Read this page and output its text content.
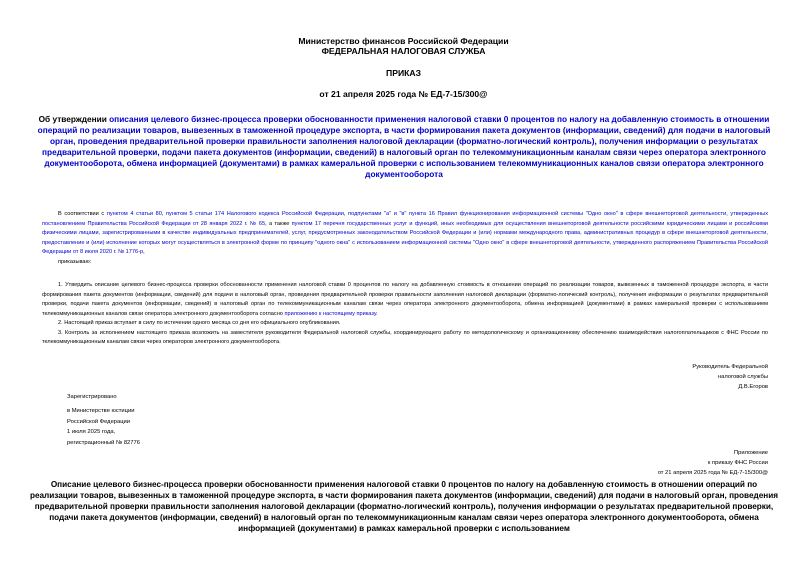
Министерство финансов Российской Федерации
ФЕДЕРАЛЬНАЯ НАЛОГОВАЯ СЛУЖБА
ПРИКАЗ
от 21 апреля 2025 года № ЕД-7-15/300@
Об утверждении описания целевого бизнес-процесса проверки обоснованности применения налоговой ставки 0 процентов по налогу на добавленную стоимость в отношении операций по реализации товаров, вывезенных в таможенной процедуре экспорта, в части формирования пакета документов (информации, сведений) для подачи в налоговый орган, проведения предварительной проверки правильности заполнения налоговой декларации (форматно-логический контроль), получения информации о результатах предварительной проверки, подачи пакета документов (информации, сведений) в налоговый орган по телекоммуникационным каналам связи через оператора электронного документооборота, обмена информацией (документами) в рамках камеральной проверки с использованием телекоммуникационных каналов связи оператора электронного документооборота

В соответствии с пунктом 4 статьи 80, пунктом 5 статьи 174 Налогового кодекса Российской Федерации, подпунктами "а" и "в" пункта 16 Правил функционирования информационной системы "Одно окно" в сфере внешнеторговой деятельности, утвержденных постановлением Правительства Российской Федерации от 28 января 2022 г. № 65, а также пунктом 17 перечня государственных услуг и функций, иных необходимых для осуществления внешнеторговой деятельности российскими юридическими лицами и российскими физическими лицами, зарегистрированными в качестве индивидуальных предпринимателей, услуг, предусмотренных законодательством Российской Федерации и (или) нормами международного права, административных процедур в сфере внешнеторговой деятельности, предоставление и (или) исполнение которых могут осуществляться в электронной форме по принципу "одного окна" с использованием информационной системы "Одно окно" в сфере внешнеторговой деятельности, утвержденного распоряжением Правительства Российской Федерации от 8 июля 2020 г. № 1776-р,

приказываю:

1. Утвердить описание целевого бизнес-процесса проверки обоснованности применения налоговой ставки 0 процентов по налогу на добавленную стоимость в отношении операций по реализации товаров, вывезенных в таможенной процедуре экспорта, в части формирования пакета документов (информации, сведений) для подачи в налоговый орган, проведения предварительной проверки правильности заполнения налоговой декларации (форматно-логический контроль), получения информации о результатах предварительной проверки, подачи пакета документов (информации, сведений) в налоговый орган по телекоммуникационным каналам связи через оператора электронного документооборота, обмена информацией (документами) в рамках камеральной проверки с использованием телекоммуникационных каналов связи оператора электронного документооборота согласно приложению к настоящему приказу.

2. Настоящий приказ вступает в силу по истечении одного месяца со дня его официального опубликования.

3. Контроль за исполнением настоящего приказа возложить на заместителя руководителя Федеральной налоговой службы, координирующего работу по методологическому и организационному обеспечению взаимодействия налогоплательщиков с ФНС России по телекоммуникационным каналам связи через операторов электронного документооборота.

Руководитель Федеральной
налоговой службы
Д.В.Егоров
Зарегистрировано
в Министерстве юстиции
Российской Федерации
1 июля 2025 года,
регистрационный № 82776
Приложение
к приказу ФНС России
от 21 апреля 2025 года № ЕД-7-15/300@
Описание целевого бизнес-процесса проверки обоснованности применения налоговой ставки 0 процентов по налогу на добавленную стоимость в отношении операций по реализации товаров, вывезенных в таможенной процедуре экспорта, в части формирования пакета документов (информации, сведений) для подачи в налоговый орган, проведения предварительной проверки правильности заполнения налоговой декларации (форматно-логический контроль), получения информации о результатах предварительной проверки, подачи пакета документов (информации, сведений) в налоговый орган по телекоммуникационным каналам связи через оператора электронного документооборота, обмена информацией (документами) в рамках камеральной проверки с использованием
